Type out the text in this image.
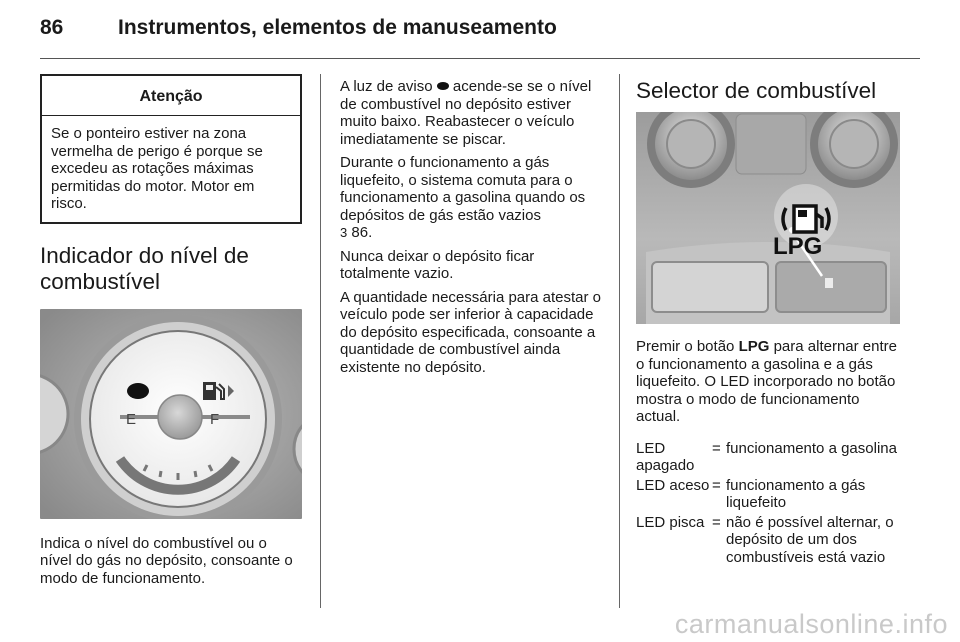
86	Instrumentos, elementos de manuseamento
Atenção
Se o ponteiro estiver na zona vermelha de perigo é porque se excedeu as rotações máximas permitidas do motor. Motor em risco.
Indicador do nível de combustível
E	F

Indica o nível do combustível ou o nível do gás no depósito, consoante o modo de funcionamento.

A luz de aviso acende-se se o nível de combustível no depósito estiver muito baixo. Reabastecer o veículo imediatamente se piscar.

Durante o funcionamento a gás liquefeito, o sistema comuta para o funcionamento a gasolina quando os depósitos de gás estão vazios
3 86.

Nunca deixar o depósito ficar totalmente vazio.

A quantidade necessária para atestar o veículo pode ser inferior à capacidade do depósito especificada, consoante a quantidade de combustível ainda existente no depósito.

Selector de combustível
LPG

Premir o botão LPG para alternar entre o funcionamento a gasolina e a gás liquefeito. O LED incorporado no botão mostra o modo de funcionamento actual.

LED apagado
= funcionamento a gasolina
LED aceso = funcionamento a gás liquefeito
LED pisca = não é possível alternar, o depósito de um dos combustíveis está vazio
carmanualsonline.info
